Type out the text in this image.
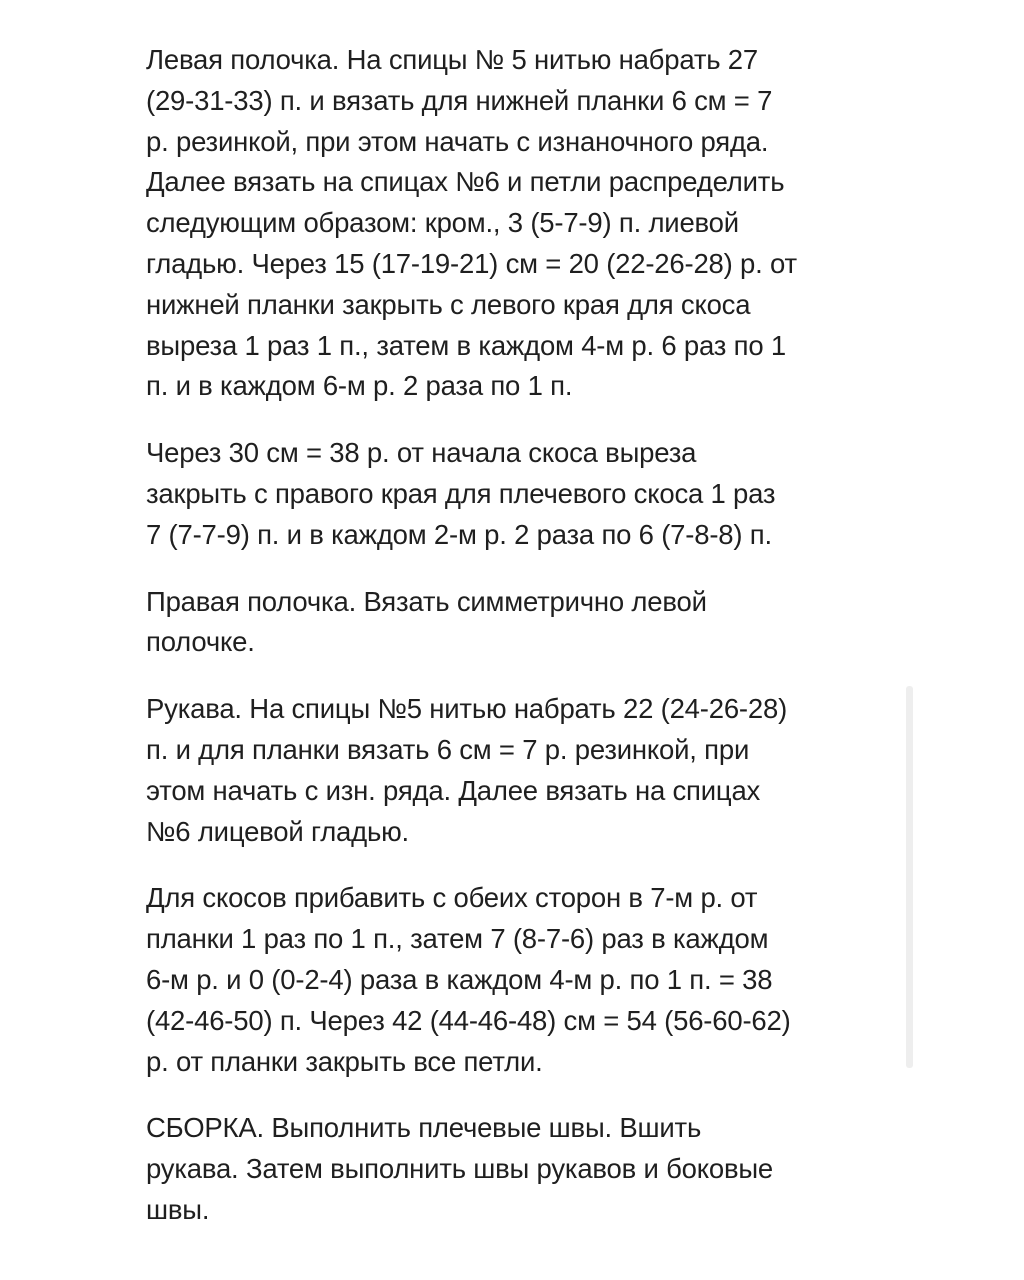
Левая полочка. На спицы № 5 нитью набрать 27
(29-31-33) п. и вязать для нижней планки 6 см = 7
р. резинкой, при этом начать с изнаночного ряда.
Далее вязать на спицах №6 и петли распределить
следующим образом: кром., 3 (5-7-9) п. лиевой
гладью. Через 15 (17-19-21) см = 20 (22-26-28) р. от
нижней планки закрыть с левого края для скоса
выреза 1 раз 1 п., затем в каждом 4-м р. 6 раз по 1
п. и в каждом 6-м р. 2 раза по 1 п.

Через 30 см = 38 р. от начала скоса выреза
закрыть с правого края для плечевого скоса 1 раз
7 (7-7-9) п. и в каждом 2-м р. 2 раза по 6 (7-8-8) п.

Правая полочка. Вязать симметрично левой
полочке.

Рукава. На спицы №5 нитью набрать 22 (24-26-28)
п. и для планки вязать 6 см = 7 р. резинкой, при
этом начать с изн. ряда. Далее вязать на спицах
№6 лицевой гладью.

Для скосов прибавить с обеих сторон в 7-м р. от
планки 1 раз по 1 п., затем 7 (8-7-6) раз в каждом
6-м р. и 0 (0-2-4) раза в каждом 4-м р. по 1 п. = 38
(42-46-50) п. Через 42 (44-46-48) см = 54 (56-60-62)
р. от планки закрыть все петли.

СБОРКА. Выполнить плечевые швы. Вшить
рукава. Затем выполнить швы рукавов и боковые
швы.
